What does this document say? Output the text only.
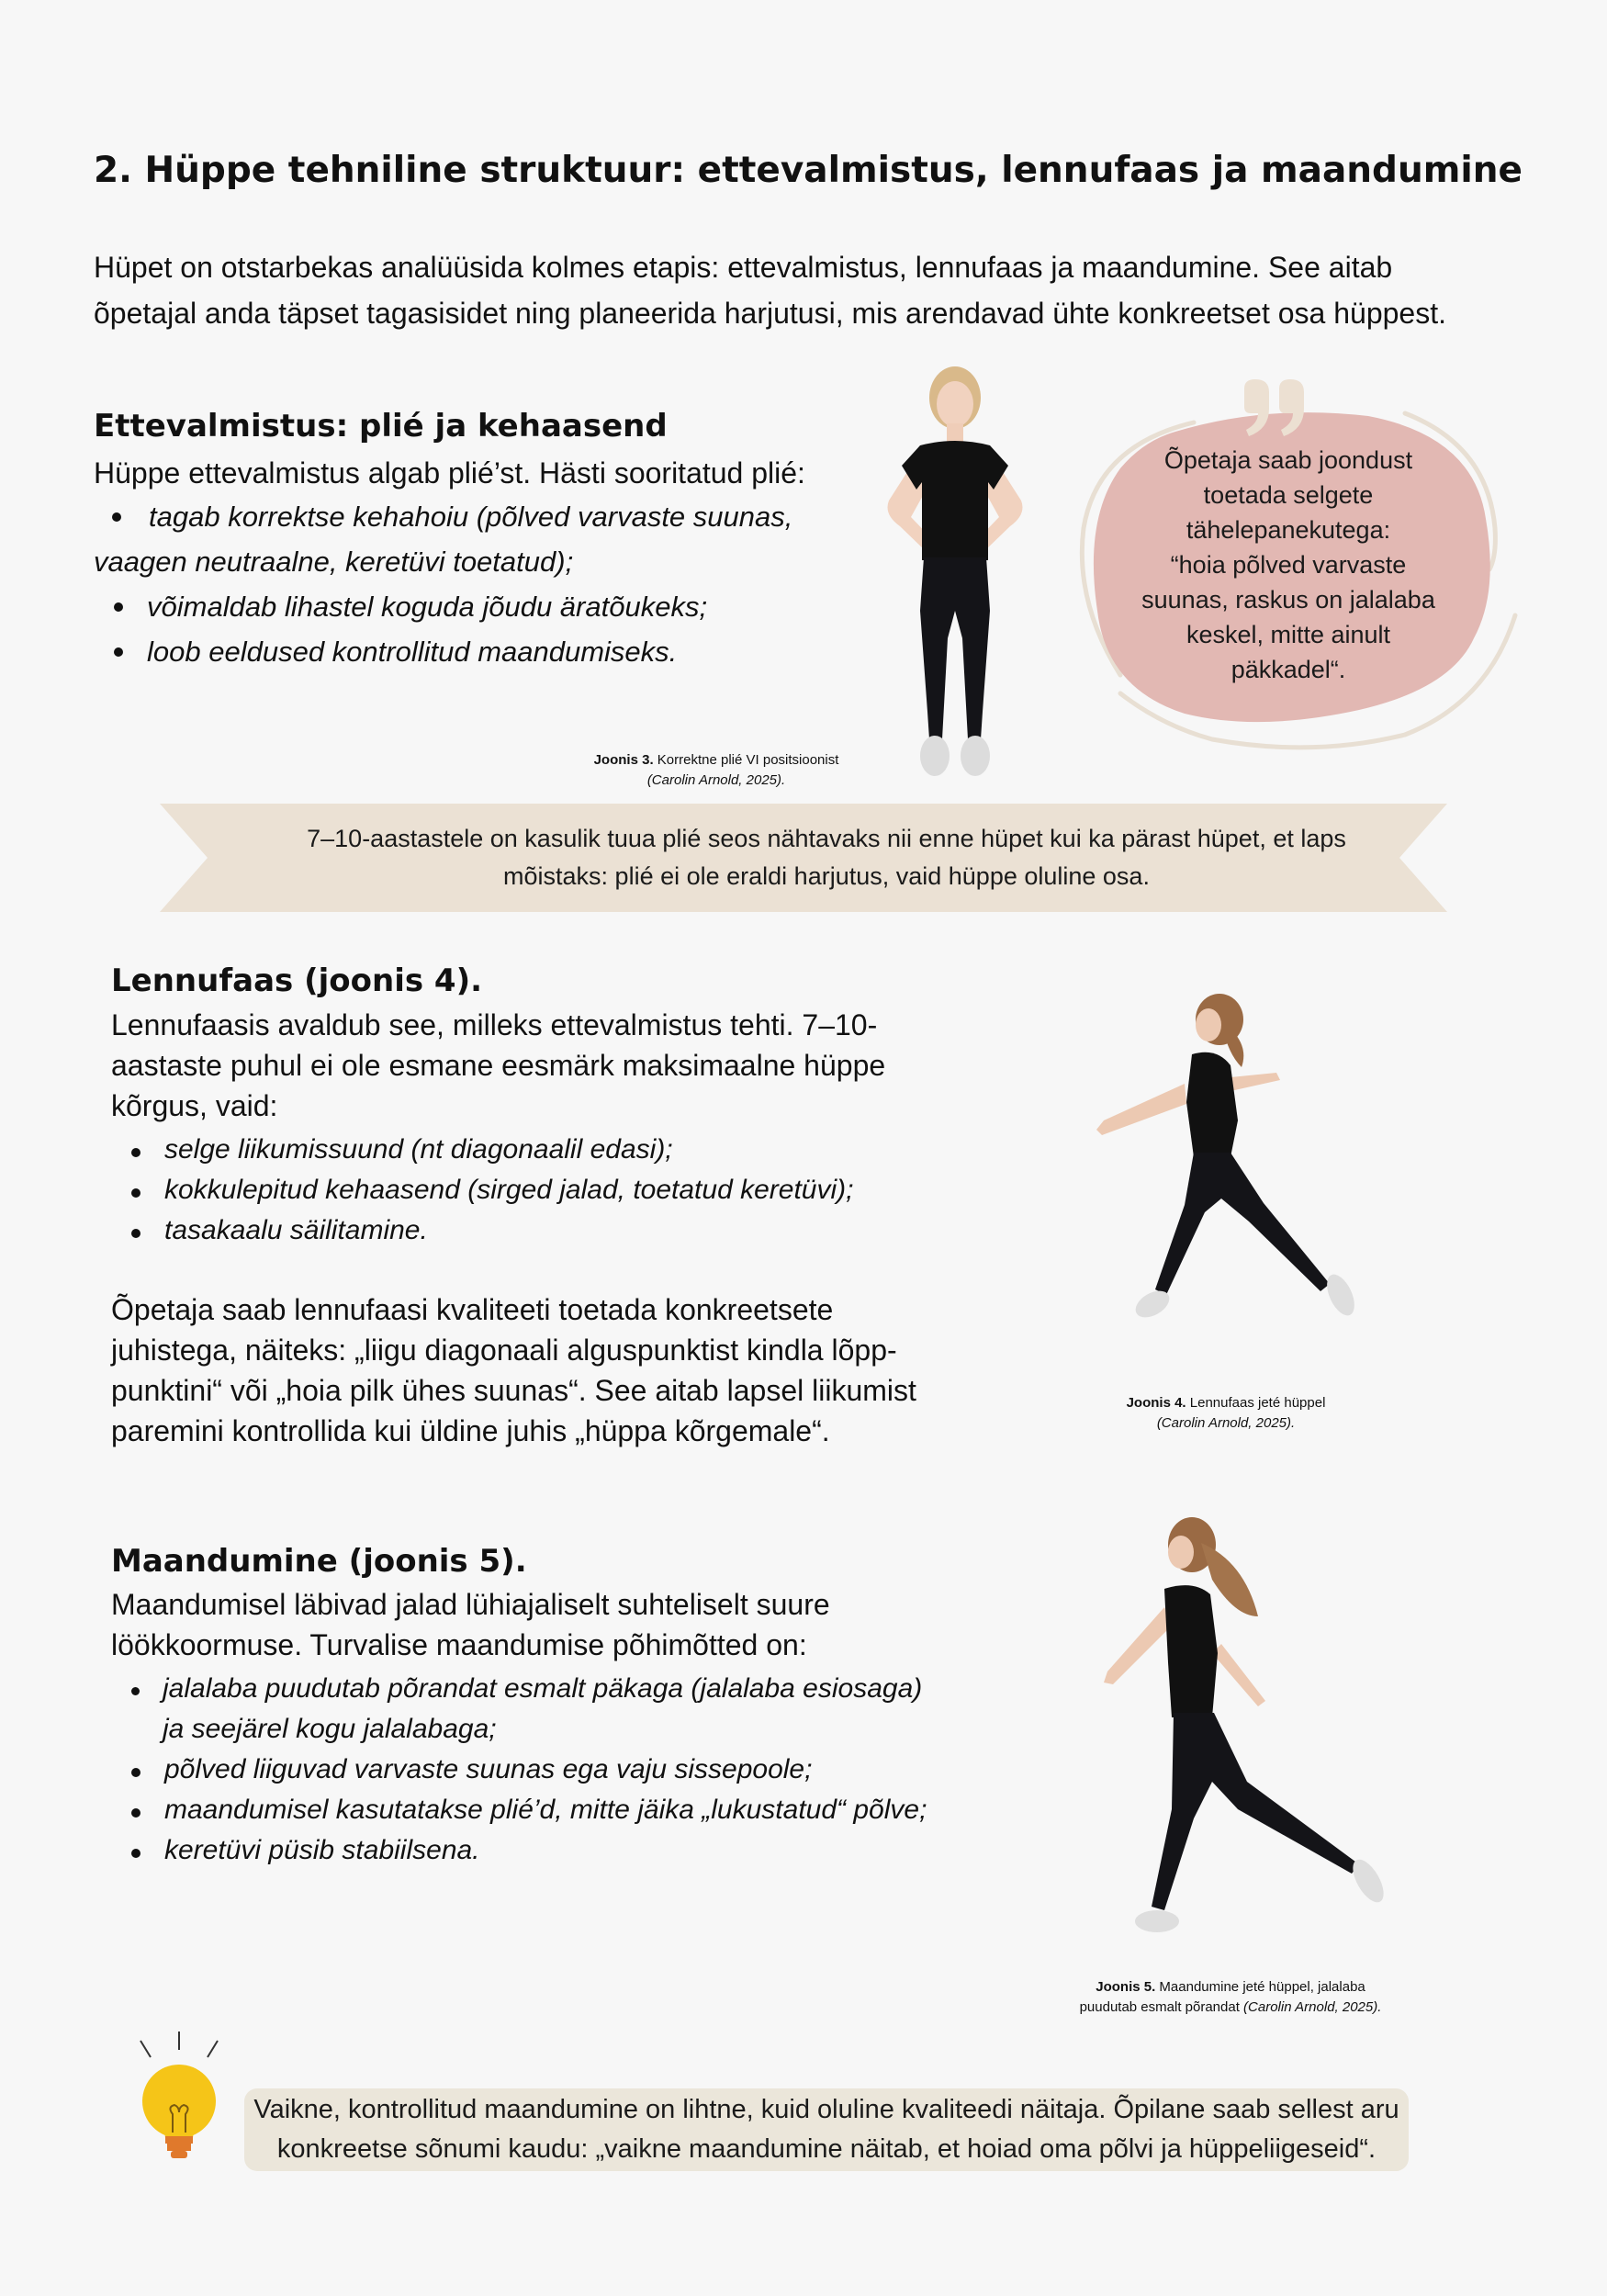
2. Hüppe tehniline struktuur: ettevalmistus, lennufaas ja maandumine
Hüpet on otstarbekas analüüsida kolmes etapis: ettevalmistus, lennufaas ja maandumine. See aitab
õpetajal anda täpset tagasisidet ning planeerida harjutusi, mis arendavad ühte konkreetset osa hüppest.
Ettevalmistus: plié ja kehaasend

Hüppe ettevalmistus algab plié’st. Hästi sooritatud plié:

tagab korrektse kehahoiu (põlved varvaste suunas,
vaagen neutraalne, keretüvi toetatud);
võimaldab lihastel koguda jõudu äratõukeks;
loob eeldused kontrollitud maandumiseks.
Joonis 3. Korrektne plié VI positsioonist
(Carolin Arnold, 2025).
Õpetaja saab joondust
toetada selgete
tähelepanekutega:
“hoia põlved varvaste
suunas, raskus on jalalaba
keskel, mitte ainult
päkkadel“.
7–10-aastastele on kasulik tuua plié seos nähtavaks nii enne hüpet kui ka pärast hüpet, et laps
mõistaks: plié ei ole eraldi harjutus, vaid hüppe oluline osa.
Lennufaas (joonis 4).
Lennufaasis avaldub see, milleks ettevalmistus tehti. 7–10-
aastaste puhul ei ole esmane eesmärk maksimaalne hüppe
kõrgus, vaid:
selge liikumissuund (nt diagonaalil edasi);
kokkulepitud kehaasend (sirged jalad, toetatud keretüvi);
tasakaalu säilitamine.
Õpetaja saab lennufaasi kvaliteeti toetada konkreetsete
juhistega, näiteks: „liigu diagonaali alguspunktist kindla lõpp-
punktini“ või „hoia pilk ühes suunas“. See aitab lapsel liikumist
paremini kontrollida kui üldine juhis „hüppa kõrgemale“.
Joonis 4. Lennufaas jeté hüppel
(Carolin Arnold, 2025).
Maandumine (joonis 5).
Maandumisel läbivad jalad lühiajaliselt suhteliselt suure
löökkoormuse. Turvalise maandumise põhimõtted on:
jalalaba puudutab põrandat esmalt päkaga (jalalaba esiosaga)
ja seejärel kogu jalalabaga;
põlved liiguvad varvaste suunas ega vaju sissepoole;
maandumisel kasutatakse plié’d, mitte jäika „lukustatud“ põlve;
keretüvi püsib stabiilsena.
Joonis 5. Maandumine jeté hüppel, jalalaba
puudutab esmalt põrandat (Carolin Arnold, 2025).
Vaikne, kontrollitud maandumine on lihtne, kuid oluline kvaliteedi näitaja. Õpilane saab sellest aru
konkreetse sõnumi kaudu: „vaikne maandumine näitab, et hoiad oma põlvi ja hüppeliigeseid“.
